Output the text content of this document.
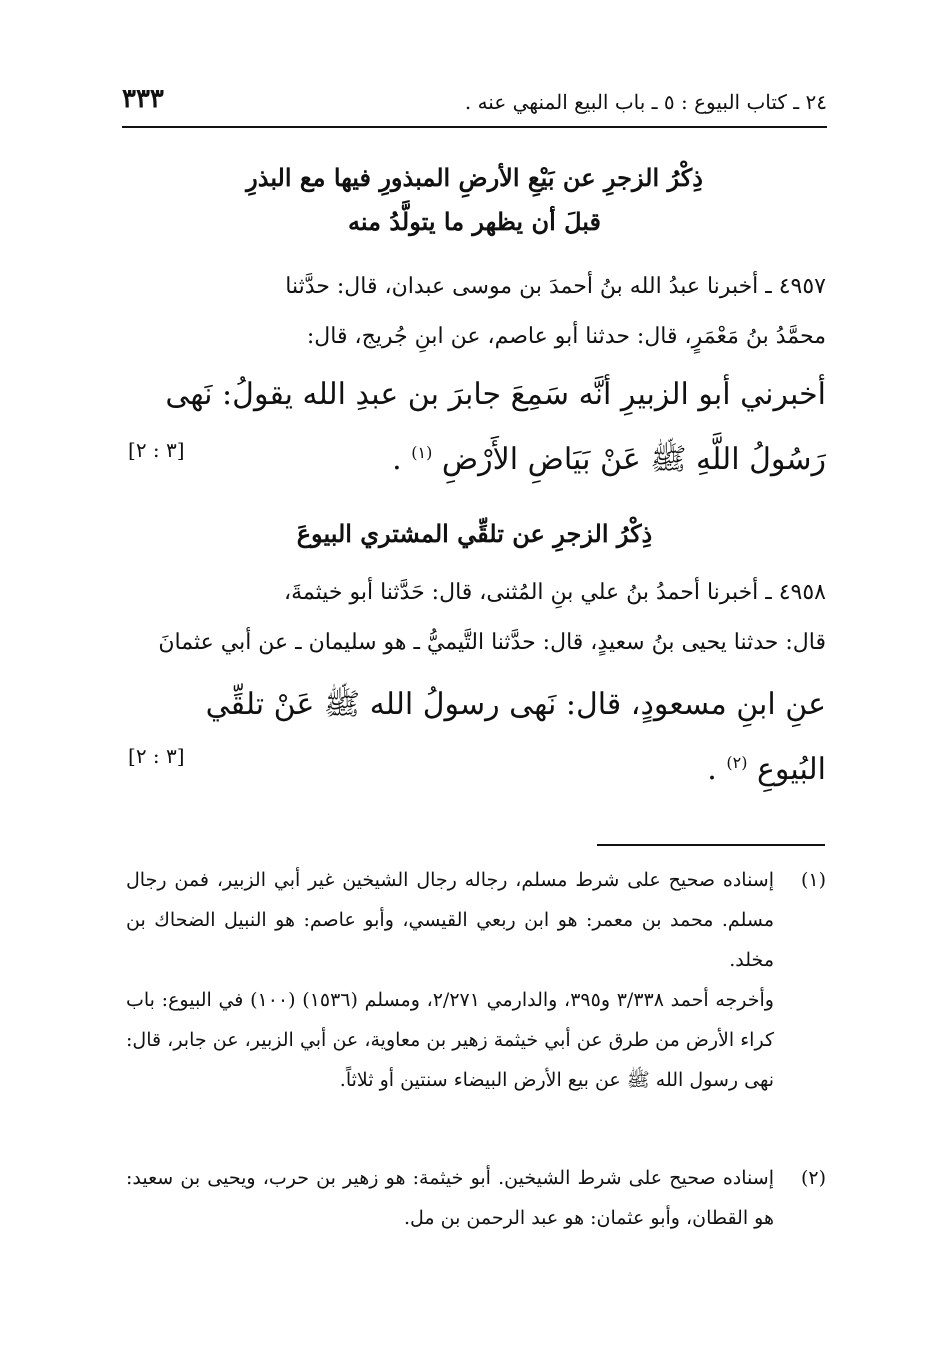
٢٤ ـ كتاب البيوع : ٥ ـ باب البيع المنهي عنه .
٣٣٣
ذِكْرُ الزجرِ عن بَيْعِ الأرضِ المبذورِ فيها مع البذرِ
قبلَ أن يظهر ما يتولَّدُ منه
٤٩٥٧ ـ أخبرنا عبدُ الله بنُ أحمدَ بن موسى عبدان، قال: حدَّثنا
محمَّدُ بنُ مَعْمَرٍ، قال: حدثنا أبو عاصم، عن ابنِ جُريج، قال:
أخبرني أبو الزبيرِ أنَّه سَمِعَ جابرَ بن عبدِ الله يقولُ: نَهى
رَسُولُ اللَّهِ ﷺ عَنْ بَيَاضِ الأَرْضِ $^{(١)}$ .
[٣ : ٢]
ذِكْرُ الزجرِ عن تلقِّي المشتري البيوعَ
٤٩٥٨ ـ أخبرنا أحمدُ بنُ علي بنِ المُثنى، قال: حَدَّثنا أبو خيثمةَ،
قال: حدثنا يحيى بنُ سعيدٍ، قال: حدَّثنا التَّيميُّ ـ هو سليمان ـ عن أبي عثمانَ
عنِ ابنِ مسعودٍ، قال: نَهى رسولُ الله ﷺ عَنْ تلقِّي
البُيوعِ $^{(٢)}$ .
[٣ : ٢]
(١)

إسناده صحيح على شرط مسلم، رجاله رجال الشيخين غير أبي الزبير، فمن رجال مسلم. محمد بن معمر: هو ابن ربعي القيسي، وأبو عاصم: هو النبيل الضحاك بن مخلد.

وأخرجه أحمد ٣/٣٣٨ و٣٩٥، والدارمي ٢/٢٧١، ومسلم (١٥٣٦) (١٠٠) في البيوع: باب كراء الأرض من طرق عن أبي خيثمة زهير بن معاوية، عن أبي الزبير، عن جابر، قال: نهى رسول الله ﷺ عن بيع الأرض البيضاء سنتين أو ثلاثاً.

(٢)

إسناده صحيح على شرط الشيخين. أبو خيثمة: هو زهير بن حرب، ويحيى بن سعيد: هو القطان، وأبو عثمان: هو عبد الرحمن بن مل.
